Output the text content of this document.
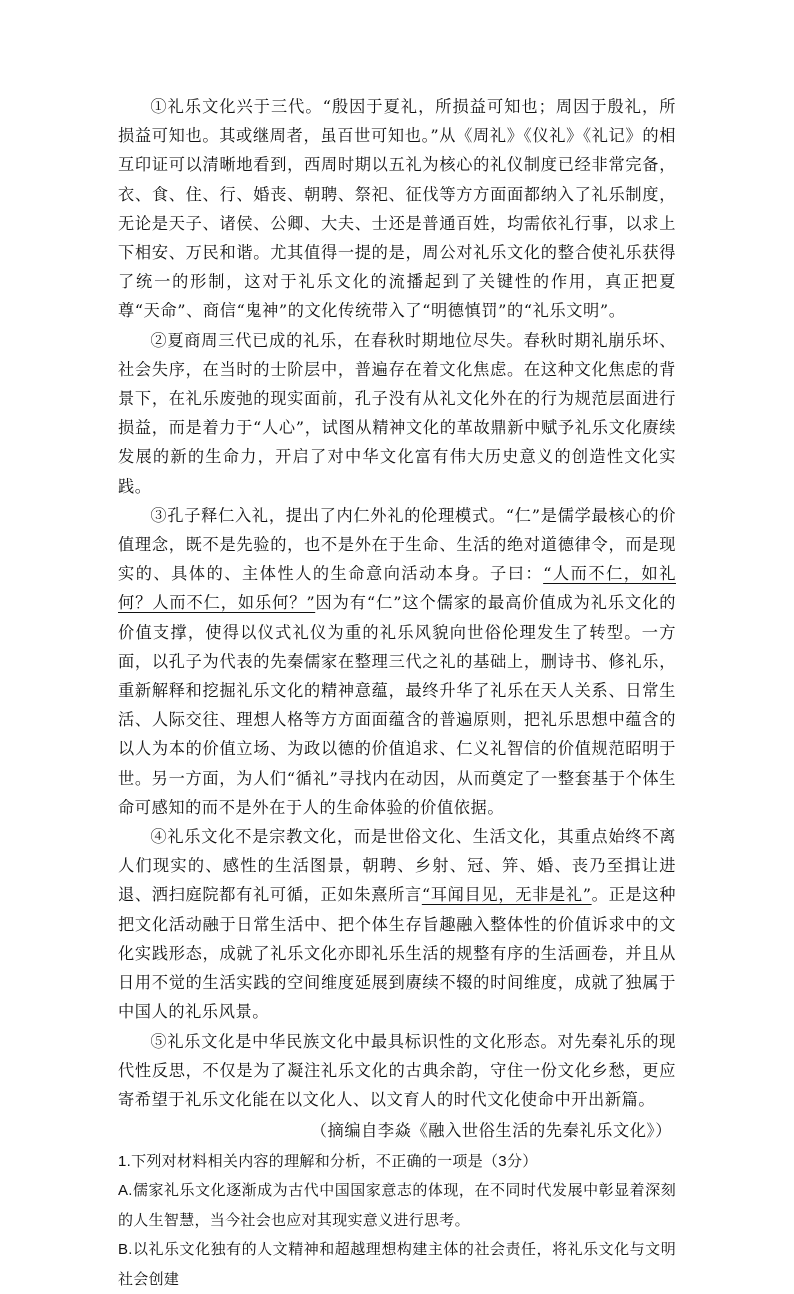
①礼乐文化兴于三代。“殷因于夏礼，所损益可知也；周因于殷礼，所损益可知也。其或继周者，虽百世可知也。”从《周礼》《仪礼》《礼记》的相互印证可以清晰地看到，西周时期以五礼为核心的礼仪制度已经非常完备，衣、食、住、行、婚丧、朝聘、祭祀、征伐等方方面面都纳入了礼乐制度，无论是天子、诸侯、公卿、大夫、士还是普通百姓，均需依礼行事，以求上下相安、万民和谐。尤其值得一提的是，周公对礼乐文化的整合使礼乐获得了统一的形制，这对于礼乐文化的流播起到了关键性的作用，真正把夏尊“天命”、商信“鬼神”的文化传统带入了“明德慎罚”的“礼乐文明”。

②夏商周三代已成的礼乐，在春秋时期地位尽失。春秋时期礼崩乐坏、社会失序，在当时的士阶层中，普遍存在着文化焦虑。在这种文化焦虑的背景下，在礼乐废弛的现实面前，孔子没有从礼文化外在的行为规范层面进行损益，而是着力于“人心”，试图从精神文化的革故鼎新中赋予礼乐文化赓续发展的新的生命力，开启了对中华文化富有伟大历史意义的创造性文化实践。

③孔子释仁入礼，提出了内仁外礼的伦理模式。“仁”是儒学最核心的价值理念，既不是先验的，也不是外在于生命、生活的绝对道德律令，而是现实的、具体的、主体性人的生命意向活动本身。子曰：“人而不仁，如礼何？人而不仁，如乐何？”因为有“仁”这个儒家的最高价值成为礼乐文化的价值支撑，使得以仪式礼仪为重的礼乐风貌向世俗伦理发生了转型。一方面，以孔子为代表的先秦儒家在整理三代之礼的基础上，删诗书、修礼乐，重新解释和挖掘礼乐文化的精神意蕴，最终升华了礼乐在天人关系、日常生活、人际交往、理想人格等方方面面蕴含的普遍原则，把礼乐思想中蕴含的以人为本的价值立场、为政以德的价值追求、仁义礼智信的价值规范昭明于世。另一方面，为人们“循礼”寻找内在动因，从而奠定了一整套基于个体生命可感知的而不是外在于人的生命体验的价值依据。

④礼乐文化不是宗教文化，而是世俗文化、生活文化，其重点始终不离人们现实的、感性的生活图景，朝聘、乡射、冠、笄、婚、丧乃至揖让进退、洒扫庭院都有礼可循，正如朱熹所言“耳闻目见，无非是礼”。正是这种把文化活动融于日常生活中、把个体生存旨趣融入整体性的价值诉求中的文化实践形态，成就了礼乐文化亦即礼乐生活的规整有序的生活画卷，并且从日用不觉的生活实践的空间维度延展到赓续不辍的时间维度，成就了独属于中国人的礼乐风景。

⑤礼乐文化是中华民族文化中最具标识性的文化形态。对先秦礼乐的现代性反思，不仅是为了凝注礼乐文化的古典余韵，守住一份文化乡愁，更应寄希望于礼乐文化能在以文化人、以文育人的时代文化使命中开出新篇。

（摘编自李焱《融入世俗生活的先秦礼乐文化》）

1.下列对材料相关内容的理解和分析，不正确的一项是（3分）

A.儒家礼乐文化逐渐成为古代中国国家意志的体现，在不同时代发展中彰显着深刻的人生智慧，当今社会也应对其现实意义进行思考。

B.以礼乐文化独有的人文精神和超越理想构建主体的社会责任，将礼乐文化与文明社会创建
